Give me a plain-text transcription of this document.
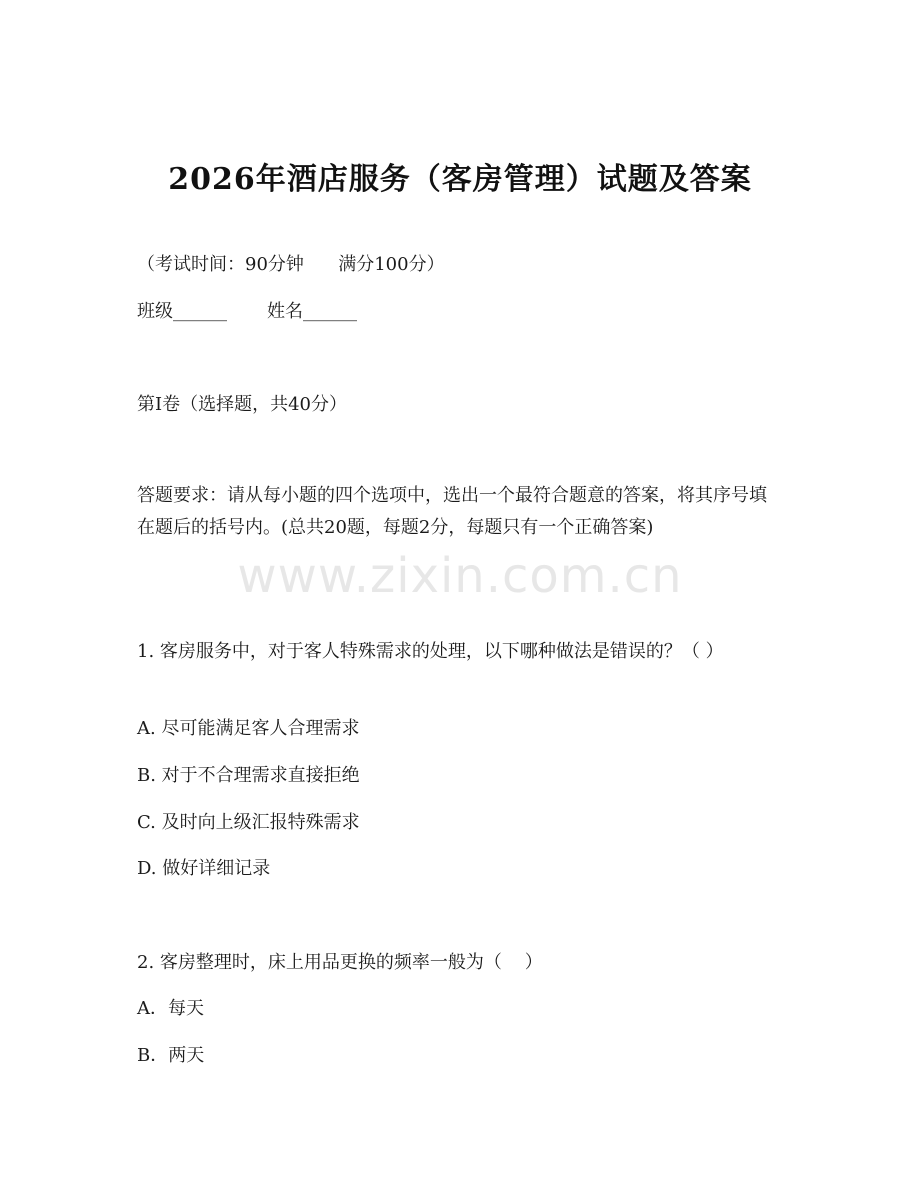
2026年酒店服务（客房管理）试题及答案
（考试时间：90分钟      满分100分）
班级______       姓名______
第I卷（选择题，共40分）
答题要求：请从每小题的四个选项中，选出一个最符合题意的答案，将其序号填在题后的括号内。(总共20题，每题2分，每题只有一个正确答案)
www.zixin.com.cn
1. 客房服务中，对于客人特殊需求的处理，以下哪种做法是错误的？（ ）
A. 尽可能满足客人合理需求
B. 对于不合理需求直接拒绝
C. 及时向上级汇报特殊需求
D. 做好详细记录
2. 客房整理时，床上用品更换的频率一般为（    ）
A．每天
B．两天
